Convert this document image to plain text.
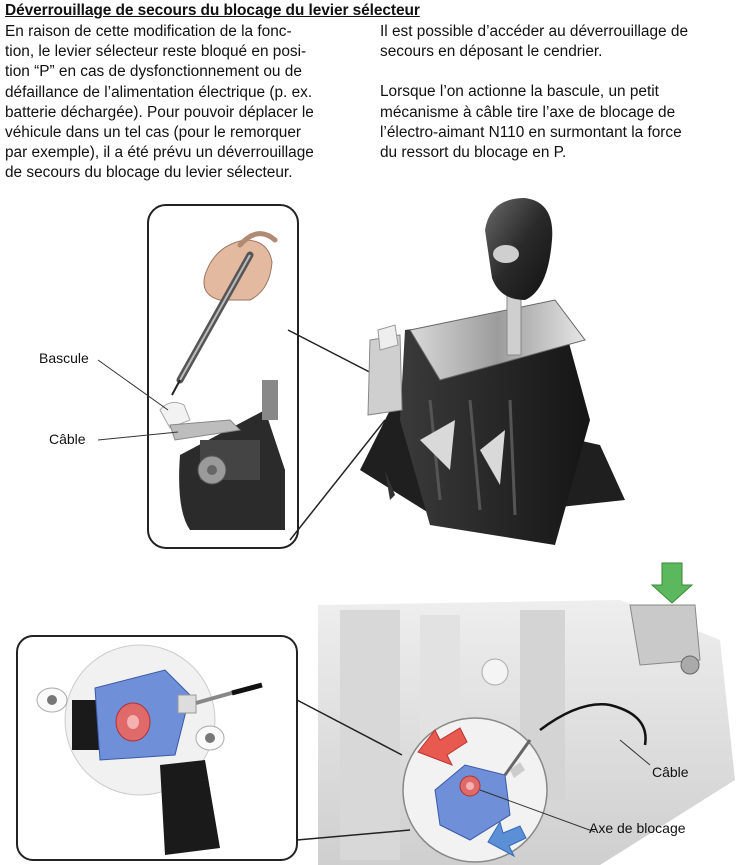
Déverrouillage de secours du blocage du levier sélecteur
En raison de cette modification de la fonc-
tion, le levier sélecteur reste bloqué en posi-
tion “P” en cas de dysfonctionnement ou de
défaillance de l’alimentation électrique (p. ex.
batterie déchargée). Pour pouvoir déplacer le
véhicule dans un tel cas (pour le remorquer
par exemple), il a été prévu un déverrouillage
de secours du blocage du levier sélecteur.

Il est possible d’accéder au déverrouillage de
secours en déposant le cendrier.

Lorsque l’on actionne la bascule, un petit
mécanisme à câble tire l’axe de blocage de
l’électro-aimant N110 en surmontant la force
du ressort du blocage en P.

Bascule
Câble
Câble
Axe de blocage
